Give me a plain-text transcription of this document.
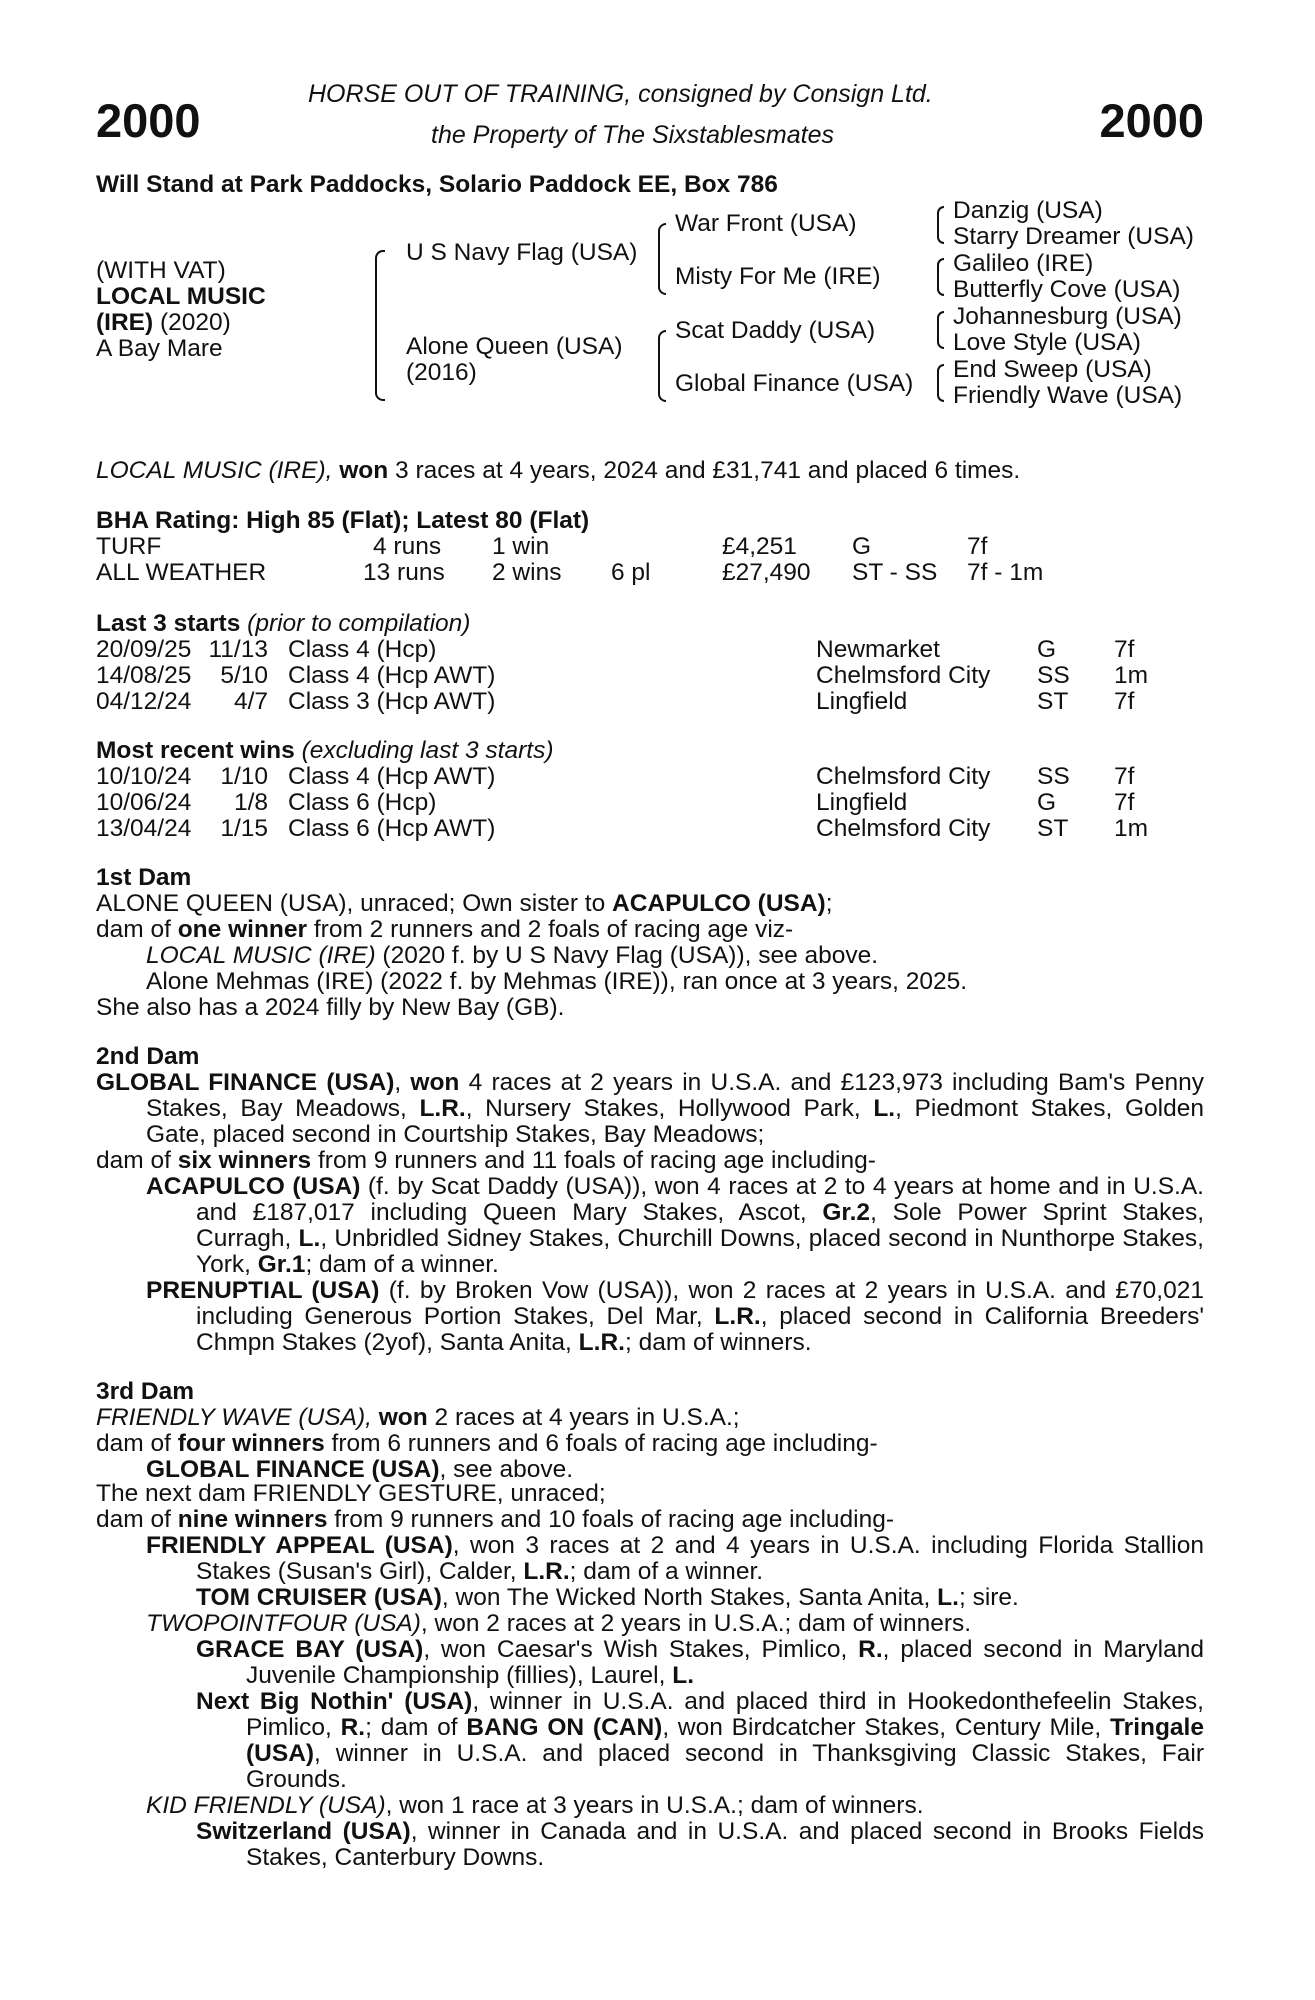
HORSE OUT OF TRAINING, consigned by Consign Ltd.
2000	the Property of The Sixstablesmates	2000
Will Stand at Park Paddocks, Solario Paddock EE, Box 786
(WITH VAT)
LOCAL MUSIC
(IRE) (2020)
A Bay Mare
U S Navy Flag (USA)
Alone Queen (USA)
(2016)
War Front (USA)
Misty For Me (IRE)
Scat Daddy (USA)
Global Finance (USA)
Danzig (USA)
Starry Dreamer (USA)
Galileo (IRE)
Butterfly Cove (USA)
Johannesburg (USA)
Love Style (USA)
End Sweep (USA)
Friendly Wave (USA)
LOCAL MUSIC (IRE), won 3 races at 4 years, 2024 and £31,741 and placed 6 times.
BHA Rating: High 85 (Flat); Latest 80 (Flat)
TURF	4 runs 1 win	£4,251 G	7f
ALL WEATHER	13 runs 2 wins 6 pl	£27,490 ST - SS 7f - 1m
Last 3 starts (prior to compilation)
20/09/25 11/13 Class 4 (Hcp)	Newmarket	G 7f
14/08/25	5/10 Class 4 (Hcp AWT)	Chelmsford City SS 1m
04/12/24	4/7 Class 3 (Hcp AWT)	Lingfield	ST 7f
Most recent wins (excluding last 3 starts)
10/10/24	1/10 Class 4 (Hcp AWT)	Chelmsford City SS 7f
10/06/24	1/8 Class 6 (Hcp)	Lingfield	G 7f
13/04/24	1/15 Class 6 (Hcp AWT)	Chelmsford City ST 1m

1st Dam

ALONE QUEEN (USA), unraced; Own sister to ACAPULCO (USA);

dam of one winner from 2 runners and 2 foals of racing age viz-

LOCAL MUSIC (IRE) (2020 f. by U S Navy Flag (USA)), see above.

Alone Mehmas (IRE) (2022 f. by Mehmas (IRE)), ran once at 3 years, 2025.

She also has a 2024 filly by New Bay (GB).

2nd Dam

GLOBAL FINANCE (USA), won 4 races at 2 years in U.S.A. and £123,973 including Bam's Penny Stakes, Bay Meadows, L.R., Nursery Stakes, Hollywood Park, L., Piedmont Stakes, Golden Gate, placed second in Courtship Stakes, Bay Meadows;

dam of six winners from 9 runners and 11 foals of racing age including-

ACAPULCO (USA) (f. by Scat Daddy (USA)), won 4 races at 2 to 4 years at home and in U.S.A. and £187,017 including Queen Mary Stakes, Ascot, Gr.2, Sole Power Sprint Stakes, Curragh, L., Unbridled Sidney Stakes, Churchill Downs, placed second in Nunthorpe Stakes, York, Gr.1; dam of a winner.

PRENUPTIAL (USA) (f. by Broken Vow (USA)), won 2 races at 2 years in U.S.A. and £70,021 including Generous Portion Stakes, Del Mar, L.R., placed second in California Breeders' Chmpn Stakes (2yof), Santa Anita, L.R.; dam of winners.

3rd Dam

FRIENDLY WAVE (USA), won 2 races at 4 years in U.S.A.;

dam of four winners from 6 runners and 6 foals of racing age including-

GLOBAL FINANCE (USA), see above.

The next dam FRIENDLY GESTURE, unraced;

dam of nine winners from 9 runners and 10 foals of racing age including-

FRIENDLY APPEAL (USA), won 3 races at 2 and 4 years in U.S.A. including Florida Stallion Stakes (Susan's Girl), Calder, L.R.; dam of a winner.

TOM CRUISER (USA), won The Wicked North Stakes, Santa Anita, L.; sire.

TWOPOINTFOUR (USA), won 2 races at 2 years in U.S.A.; dam of winners.

GRACE BAY (USA), won Caesar's Wish Stakes, Pimlico, R., placed second in Maryland Juvenile Championship (fillies), Laurel, L.

Next Big Nothin' (USA), winner in U.S.A. and placed third in Hookedonthefeelin Stakes, Pimlico, R.; dam of BANG ON (CAN), won Birdcatcher Stakes, Century Mile, Tringale (USA), winner in U.S.A. and placed second in Thanksgiving Classic Stakes, Fair Grounds.

KID FRIENDLY (USA), won 1 race at 3 years in U.S.A.; dam of winners.

Switzerland (USA), winner in Canada and in U.S.A. and placed second in Brooks Fields Stakes, Canterbury Downs.
